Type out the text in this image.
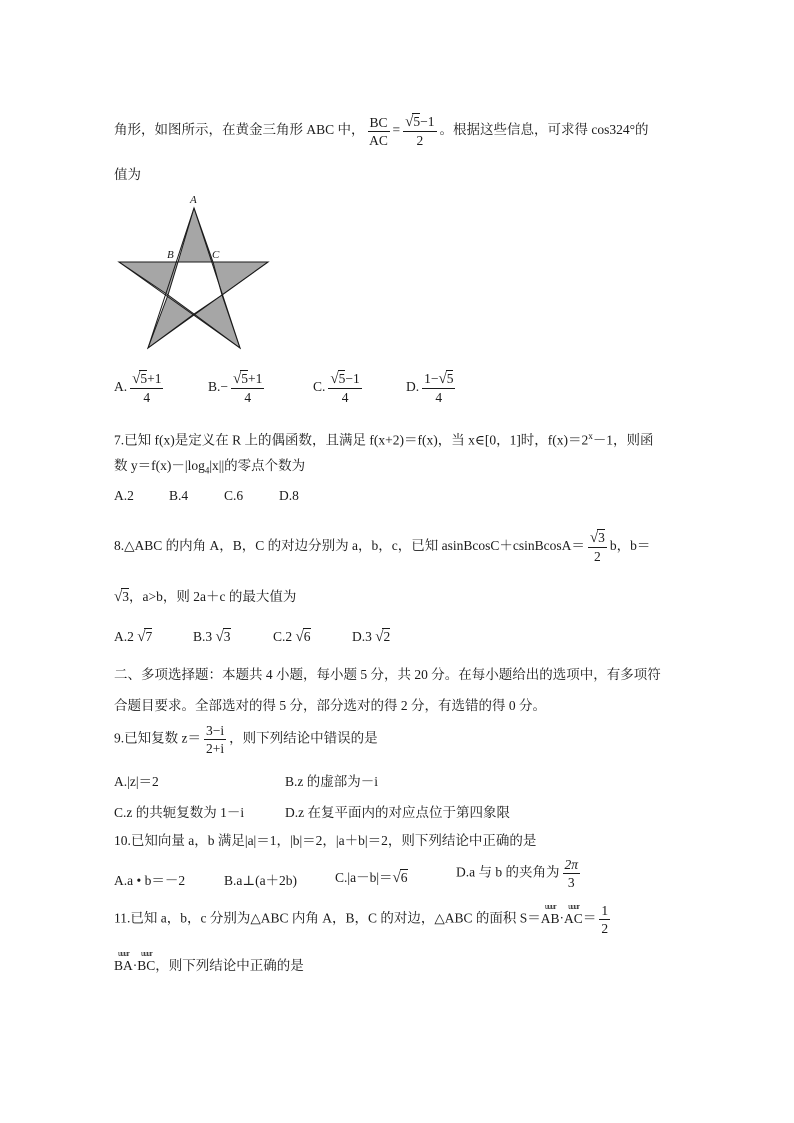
角形，如图所示，在黄金三角形 ABC 中， $\frac{BC}{AC} = \frac{√5-1}{2}$ 。根据这些信息，可求得 cos324°的
值为
A
B	C
A. $\frac{√5+1}{4}$	$B.- \frac{√5+1}{4}$	C. $\frac{√5-1}{4}$	D. $\frac{1-√5}{4}$
7.已知 f(x)是定义在 R 上的偶函数，且满足 f(x+2)＝f(x)，当 x∈[0，1]时，$f(x)=2^x-1$，则函
数 $y=f(x)-|\log_4|x||$的零点个数为
A.2	B.4	C.6	D.8
8.△ABC 的内角 A，B，C 的对边分别为 a，b，c，已知 asinBcosC＋csinBcosA＝ $\frac{√3}{2}$ b，b＝
√3，a>b，则 2a＋c 的最大值为
A.2 √7	B.3 √3	C.2 √6	D.3 √2
二、多项选择题：本题共 4 小题，每小题 5 分，共 20 分。在每小题给出的选项中，有多项符
合题目要求。全部选对的得 5 分，部分选对的得 2 分，有选错的得 0 分。
9.已知复数 $z= \frac{3-i}{2+i}$ ，则下列结论中错误的是
A.|z|＝2	B.z 的虚部为－i
C.z 的共轭复数为 1－i	D.z 在复平面内的对应点位于第四象限
10.已知向量 a，b 满足|a|＝1，|b|＝2，|a＋b|＝2，则下列结论中正确的是
A.a • b＝－2	B.a⊥(a＋2b)	C.|a－b|＝√6	D.a 与 b 的夹角为 $\frac{2\pi}{3}$
11.已知 a，b，c 分别为△ABC 内角 A，B，C 的对边，△ABC 的面积 S＝
uuur
AB·
uuur
$AC= \frac{1}{2}$
uuur
BA·
uuur
BC，则下列结论中正确的是
